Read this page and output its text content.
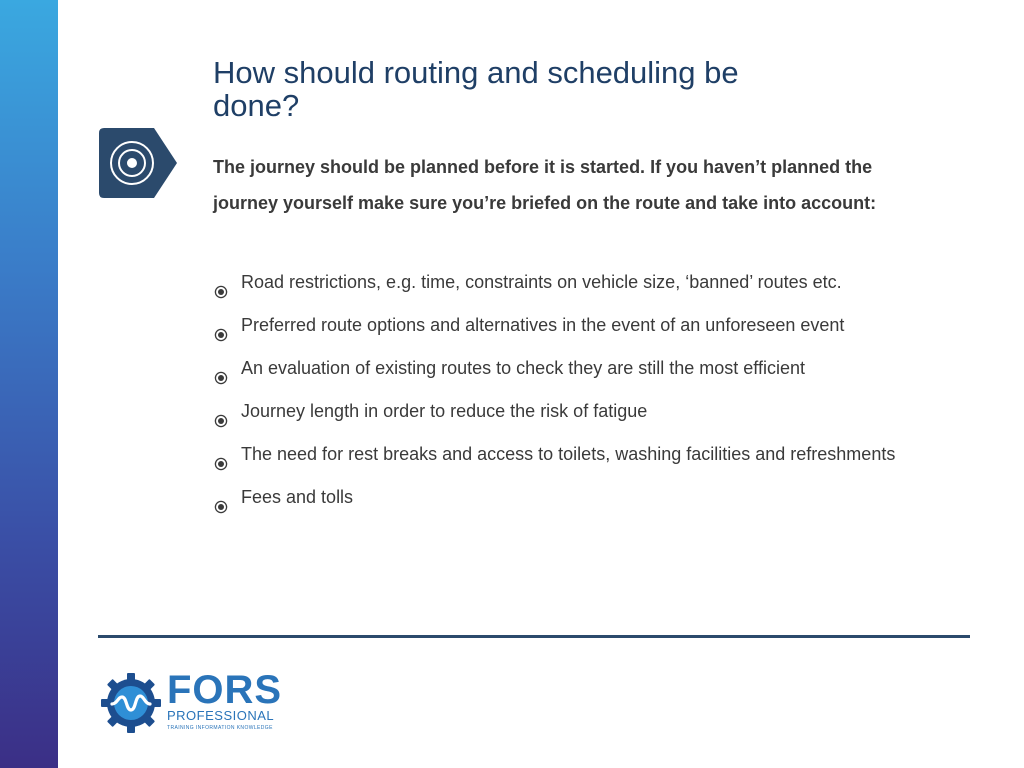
How should routing and scheduling be done?

The journey should be planned before it is started. If you haven’t planned the journey yourself make sure you’re briefed on the route and take into account:

Road restrictions, e.g. time, constraints on vehicle size, ‘banned’ routes etc.
Preferred route options and alternatives in the event of an unforeseen event
An evaluation of existing routes to check they are still the most efficient
Journey length in order to reduce the risk of fatigue
The need for rest breaks and access to toilets, washing facilities and refreshments
Fees and tolls
FORS
PROFESSIONAL
TRAINING INFORMATION KNOWLEDGE
